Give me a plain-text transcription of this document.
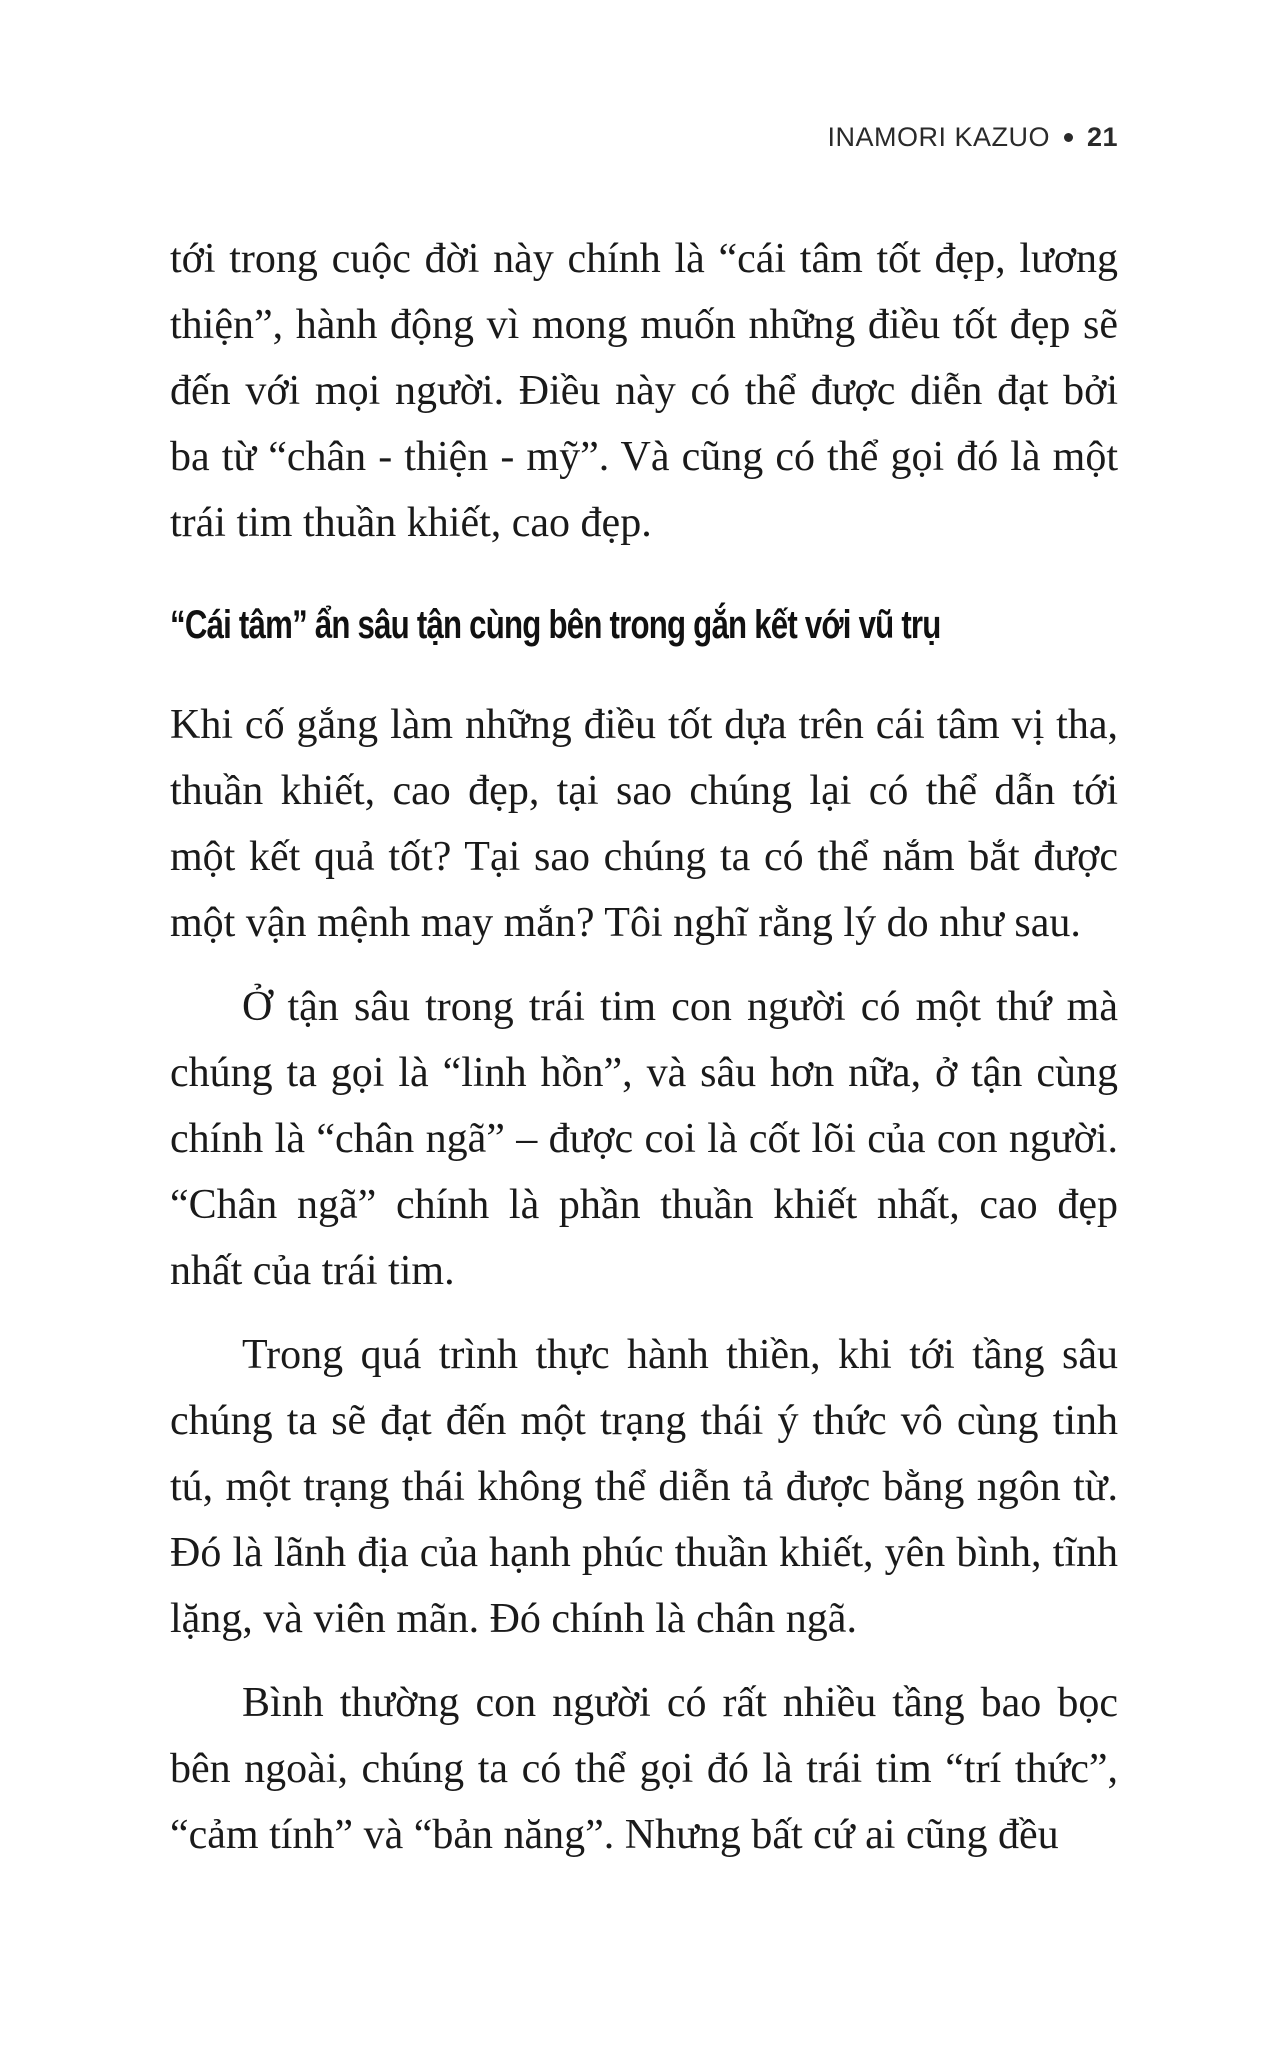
INAMORI KAZUO 21

tới trong cuộc đời này chính là “cái tâm tốt đẹp, lương thiện”, hành động vì mong muốn những điều tốt đẹp sẽ đến với mọi người. Điều này có thể được diễn đạt bởi ba từ “chân - thiện - mỹ”. Và cũng có thể gọi đó là một trái tim thuần khiết, cao đẹp.

“Cái tâm” ẩn sâu tận cùng bên trong gắn kết với vũ trụ

Khi cố gắng làm những điều tốt dựa trên cái tâm vị tha, thuần khiết, cao đẹp, tại sao chúng lại có thể dẫn tới một kết quả tốt? Tại sao chúng ta có thể nắm bắt được một vận mệnh may mắn? Tôi nghĩ rằng lý do như sau.

Ở tận sâu trong trái tim con người có một thứ mà chúng ta gọi là “linh hồn”, và sâu hơn nữa, ở tận cùng chính là “chân ngã” – được coi là cốt lõi của con người. “Chân ngã” chính là phần thuần khiết nhất, cao đẹp nhất của trái tim.

Trong quá trình thực hành thiền, khi tới tầng sâu chúng ta sẽ đạt đến một trạng thái ý thức vô cùng tinh tú, một trạng thái không thể diễn tả được bằng ngôn từ. Đó là lãnh địa của hạnh phúc thuần khiết, yên bình, tĩnh lặng, và viên mãn. Đó chính là chân ngã.

Bình thường con người có rất nhiều tầng bao bọc bên ngoài, chúng ta có thể gọi đó là trái tim “trí thức”, “cảm tính” và “bản năng”. Nhưng bất cứ ai cũng đều
